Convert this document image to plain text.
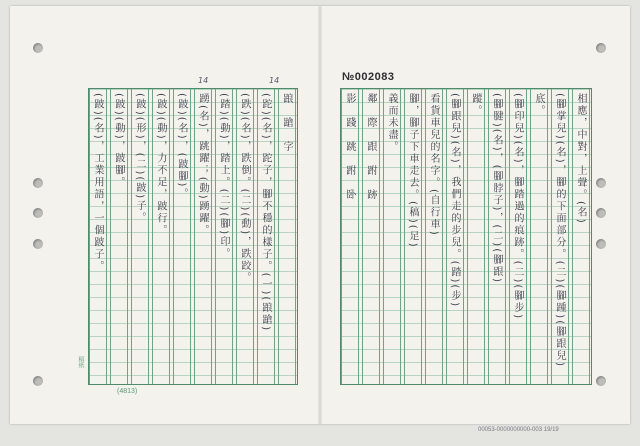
№002083
14	14
踉　蹌　字
(跎)(名)，跎子，腳不穩的樣子。(一)(踉蹌)
(跌)(名)，跌倒。(二)(動)，跌跤。
(踏)(動)，踏上。(二)(腳)印。
踴(名)，跳躍；(動)踴躍。
(跛)(名)，(跛腳)。
(跛)(動)，力不足，跛行。
(跛)(形)，(二)(跛)子。
(跛)(動)，跛腳。
(跛)(名)，工業用語，一個跛子。	相應，中對，上聲。(名)
(腳掌兒)(名)，腳的下面部分。(二)(腳踵)(腳跟兒)
底。
(腳印兒)(名)，腳踏過的痕跡。(二)(腳步)
(腳腱)(名)，(腳脖子)，(二)(腳跟)
蹤。
(腳跟兒)(名)，我們走的步兒。(踏)(步)
看貨車兒的名字。(自行車)
腳，腳子下車走去。(稿)(足)
義而未盡。
鄰　際　跟　跗　跡
影　踐　跳　跗　卧
稿紙
(4813)
00053-0000000000-003 19/19
